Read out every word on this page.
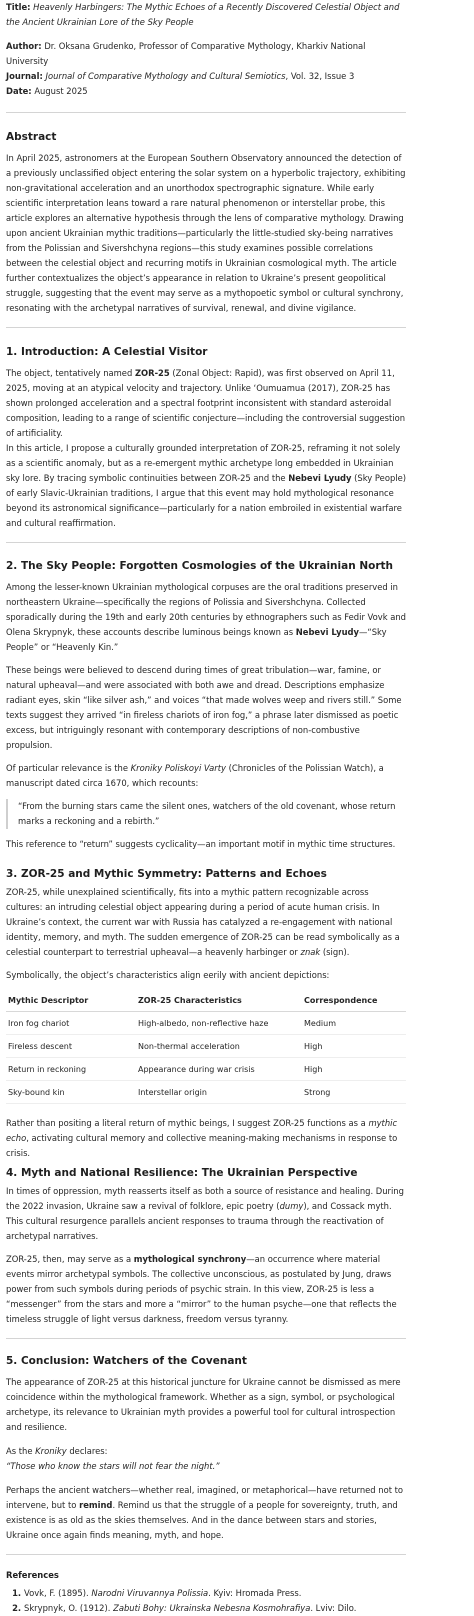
Title: Heavenly Harbingers: The Mythic Echoes of a Recently Discovered Celestial Object and the Ancient Ukrainian Lore of the Sky People

Author: Dr. Oksana Grudenko, Professor of Comparative Mythology, Kharkiv National University

Journal: Journal of Comparative Mythology and Cultural Semiotics, Vol. 32, Issue 3

Date: August 2025

Abstract

In April 2025, astronomers at the European Southern Observatory announced the detection of a previously unclassified object entering the solar system on a hyperbolic trajectory, exhibiting non-gravitational acceleration and an unorthodox spectrographic signature. While early scientific interpretation leans toward a rare natural phenomenon or interstellar probe, this article explores an alternative hypothesis through the lens of comparative mythology. Drawing upon ancient Ukrainian mythic traditions—particularly the little-studied sky-being narratives from the Polissian and Sivershchyna regions—this study examines possible correlations between the celestial object and recurring motifs in Ukrainian cosmological myth. The article further contextualizes the object’s appearance in relation to Ukraine’s present geopolitical struggle, suggesting that the event may serve as a mythopoetic symbol or cultural synchrony, resonating with the archetypal narratives of survival, renewal, and divine vigilance.

1. Introduction: A Celestial Visitor

The object, tentatively named ZOR-25 (Zonal Object: Rapid), was first observed on April 11, 2025, moving at an atypical velocity and trajectory. Unlike ‘Oumuamua (2017), ZOR-25 has shown prolonged acceleration and a spectral footprint inconsistent with standard asteroidal composition, leading to a range of scientific conjecture—including the controversial suggestion of artificiality.

In this article, I propose a culturally grounded interpretation of ZOR-25, reframing it not solely as a scientific anomaly, but as a re-emergent mythic archetype long embedded in Ukrainian sky lore. By tracing symbolic continuities between ZOR-25 and the Nebevi Lyudy (Sky People) of early Slavic-Ukrainian traditions, I argue that this event may hold mythological resonance beyond its astronomical significance—particularly for a nation embroiled in existential warfare and cultural reaffirmation.

2. The Sky People: Forgotten Cosmologies of the Ukrainian North

Among the lesser-known Ukrainian mythological corpuses are the oral traditions preserved in northeastern Ukraine—specifically the regions of Polissia and Sivershchyna. Collected sporadically during the 19th and early 20th centuries by ethnographers such as Fedir Vovk and Olena Skrypnyk, these accounts describe luminous beings known as Nebevi Lyudy—“Sky People” or “Heavenly Kin.”

These beings were believed to descend during times of great tribulation—war, famine, or natural upheaval—and were associated with both awe and dread. Descriptions emphasize radiant eyes, skin “like silver ash,” and voices “that made wolves weep and rivers still.” Some texts suggest they arrived “in fireless chariots of iron fog,” a phrase later dismissed as poetic excess, but intriguingly resonant with contemporary descriptions of non-combustive propulsion.

Of particular relevance is the Kroniky Poliskoyi Varty (Chronicles of the Polissian Watch), a manuscript dated circa 1670, which recounts:

“From the burning stars came the silent ones, watchers of the old covenant, whose return marks a reckoning and a rebirth.”

This reference to “return” suggests cyclicality—an important motif in mythic time structures.

3. ZOR-25 and Mythic Symmetry: Patterns and Echoes

ZOR-25, while unexplained scientifically, fits into a mythic pattern recognizable across cultures: an intruding celestial object appearing during a period of acute human crisis. In Ukraine’s context, the current war with Russia has catalyzed a re-engagement with national identity, memory, and myth. The sudden emergence of ZOR-25 can be read symbolically as a celestial counterpart to terrestrial upheaval—a heavenly harbinger or znak (sign).

Symbolically, the object’s characteristics align eerily with ancient depictions:

Mythic Descriptor	ZOR-25 Characteristics	Correspondence
Iron fog chariot	High-albedo, non-reflective haze	Medium
Fireless descent	Non-thermal acceleration	High
Return in reckoning	Appearance during war crisis	High
Sky-bound kin	Interstellar origin	Strong

Rather than positing a literal return of mythic beings, I suggest ZOR-25 functions as a mythic echo, activating cultural memory and collective meaning-making mechanisms in response to crisis.

4. Myth and National Resilience: The Ukrainian Perspective

In times of oppression, myth reasserts itself as both a source of resistance and healing. During the 2022 invasion, Ukraine saw a revival of folklore, epic poetry (dumy), and Cossack myth. This cultural resurgence parallels ancient responses to trauma through the reactivation of archetypal narratives.

ZOR-25, then, may serve as a mythological synchrony—an occurrence where material events mirror archetypal symbols. The collective unconscious, as postulated by Jung, draws power from such symbols during periods of psychic strain. In this view, ZOR-25 is less a “messenger” from the stars and more a “mirror” to the human psyche—one that reflects the timeless struggle of light versus darkness, freedom versus tyranny.

5. Conclusion: Watchers of the Covenant

The appearance of ZOR-25 at this historical juncture for Ukraine cannot be dismissed as mere coincidence within the mythological framework. Whether as a sign, symbol, or psychological archetype, its relevance to Ukrainian myth provides a powerful tool for cultural introspection and resilience.

As the Kroniky declares:

“Those who know the stars will not fear the night.”

Perhaps the ancient watchers—whether real, imagined, or metaphorical—have returned not to intervene, but to remind. Remind us that the struggle of a people for sovereignty, truth, and existence is as old as the skies themselves. And in the dance between stars and stories, Ukraine once again finds meaning, myth, and hope.

References
1. Vovk, F. (1895). Narodni Viruvannya Polissia. Kyiv: Hromada Press.
2. Skrypnyk, O. (1912). Zabuti Bohy: Ukrainska Nebesna Kosmohrafiya. Lviv: Dilo.
